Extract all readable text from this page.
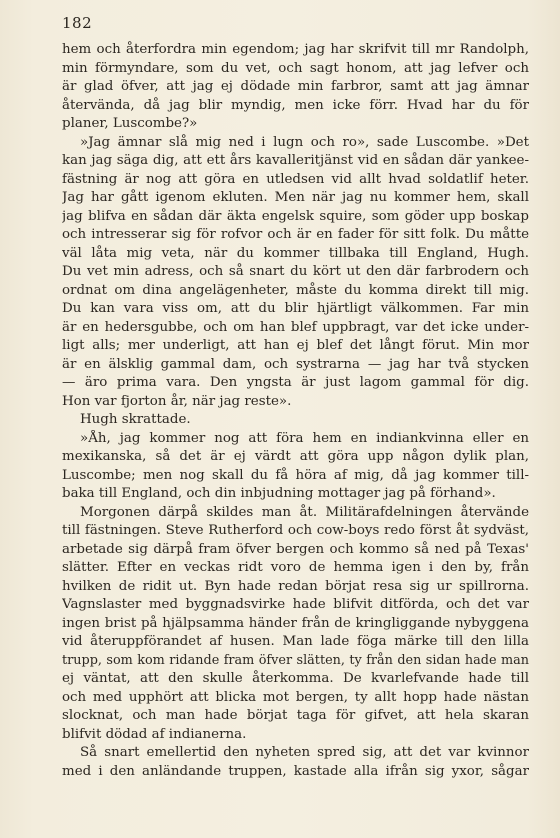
182
hem och återfordra min egendom; jag har skrifvit till mr Randolph,
min förmyndare, som du vet, och sagt honom, att jag lefver och
är glad öfver, att jag ej dödade min farbror, samt att jag ämnar
återvända, då jag blir myndig, men icke förr. Hvad har du för
planer, Luscombe?»
»Jag ämnar slå mig ned i lugn och ro», sade Luscombe. »Det
kan jag säga dig, att ett års kavalleritjänst vid en sådan där yankee-
fästning är nog att göra en utledsen vid allt hvad soldatlif heter.
Jag har gått igenom ekluten. Men när jag nu kommer hem, skall
jag blifva en sådan där äkta engelsk squire, som göder upp boskap
och intresserar sig för rofvor och är en fader för sitt folk. Du måtte
väl låta mig veta, när du kommer tillbaka till England, Hugh.
Du vet min adress, och så snart du kört ut den där farbrodern och
ordnat om dina angelägenheter, måste du komma direkt till mig.
Du kan vara viss om, att du blir hjärtligt välkommen. Far min
är en hedersgubbe, och om han blef uppbragt, var det icke under-
ligt alls; mer underligt, att han ej blef det långt förut. Min mor
är en älsklig gammal dam, och systrarna — jag har två stycken
— äro prima vara. Den yngsta är just lagom gammal för dig.
Hon var fjorton år, när jag reste».
Hugh skrattade.
»Åh, jag kommer nog att föra hem en indiankvinna eller en
mexikanska, så det är ej värdt att göra upp någon dylik plan,
Luscombe; men nog skall du få höra af mig, då jag kommer till-
baka till England, och din inbjudning mottager jag på förhand».
Morgonen därpå skildes man åt. Militärafdelningen återvände
till fästningen. Steve Rutherford och cow-boys redo först åt sydväst,
arbetade sig därpå fram öfver bergen och kommo så ned på Texas'
slätter. Efter en veckas ridt voro de hemma igen i den by, från
hvilken de ridit ut. Byn hade redan börjat resa sig ur spillrorna.
Vagnslaster med byggnadsvirke hade blifvit ditförda, och det var
ingen brist på hjälpsamma händer från de kringliggande nybyggena
vid återuppförandet af husen. Man lade föga märke till den lilla
trupp, som kom ridande fram öfver slätten, ty från den sidan hade man
ej väntat, att den skulle återkomma. De kvarlefvande hade till
och med upphört att blicka mot bergen, ty allt hopp hade nästan
slocknat, och man hade börjat taga för gifvet, att hela skaran
blifvit dödad af indianerna.
Så snart emellertid den nyheten spred sig, att det var kvinnor
med i den anländande truppen, kastade alla ifrån sig yxor, sågar
